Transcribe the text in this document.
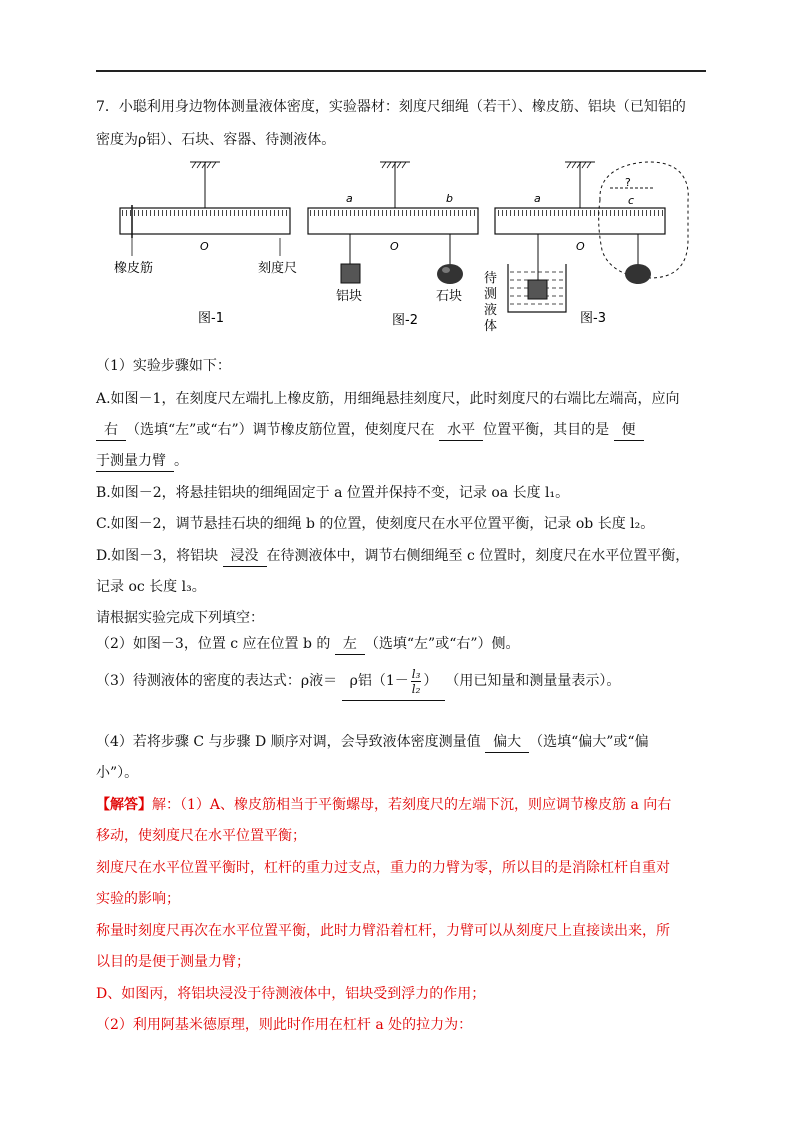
7．小聪利用身边物体测量液体密度，实验器材：刻度尺细绳（若干）、橡皮筋、铝块（已知铝的
密度为ρ铝）、石块、容器、待测液体。
O
橡皮筋	刻度尺
图-1
a	b
O
铝块	石块
图-2
a	c
O
?
待
测
液
体
图-3
（1）实验步骤如下：
A.如图－1，在刻度尺左端扎上橡皮筋，用细绳悬挂刻度尺，此时刻度尺的右端比左端高，应向
右 （选填“左”或“右”）调节橡皮筋位置，使刻度尺在 水平 位置平衡，其目的是 便
于测量力臂 。
B.如图－2，将悬挂铝块的细绳固定于 a 位置并保持不变，记录 oa 长度 l₁。
C.如图－2，调节悬挂石块的细绳 b 的位置，使刻度尺在水平位置平衡，记录 ob 长度 l₂。
D.如图－3，将铝块 浸没 在待测液体中，调节右侧细绳至 c 位置时，刻度尺在水平位置平衡，
记录 oc 长度 l₃。
请根据实验完成下列填空：
（2）如图－3，位置 c 应在位置 b 的 左 （选填“左”或“右”）侧。
（3）待测液体的密度的表达式：ρ液＝ ρ铝（$1- \frac{\text{l₃}}{\text{l₂}}$ ） （用已知量和测量量表示）。
（4）若将步骤 C 与步骤 D 顺序对调，会导致液体密度测量值 偏大 （选填“偏大”或“偏
小”）。
【解答】解：（1）A、橡皮筋相当于平衡螺母，若刻度尺的左端下沉，则应调节橡皮筋 a 向右
移动，使刻度尺在水平位置平衡；
刻度尺在水平位置平衡时，杠杆的重力过支点，重力的力臂为零，所以目的是消除杠杆自重对
实验的影响；
称量时刻度尺再次在水平位置平衡，此时力臂沿着杠杆，力臂可以从刻度尺上直接读出来，所
以目的是便于测量力臂；
D、如图丙，将铝块浸没于待测液体中，铝块受到浮力的作用；
（2）利用阿基米德原理，则此时作用在杠杆 a 处的拉力为：
